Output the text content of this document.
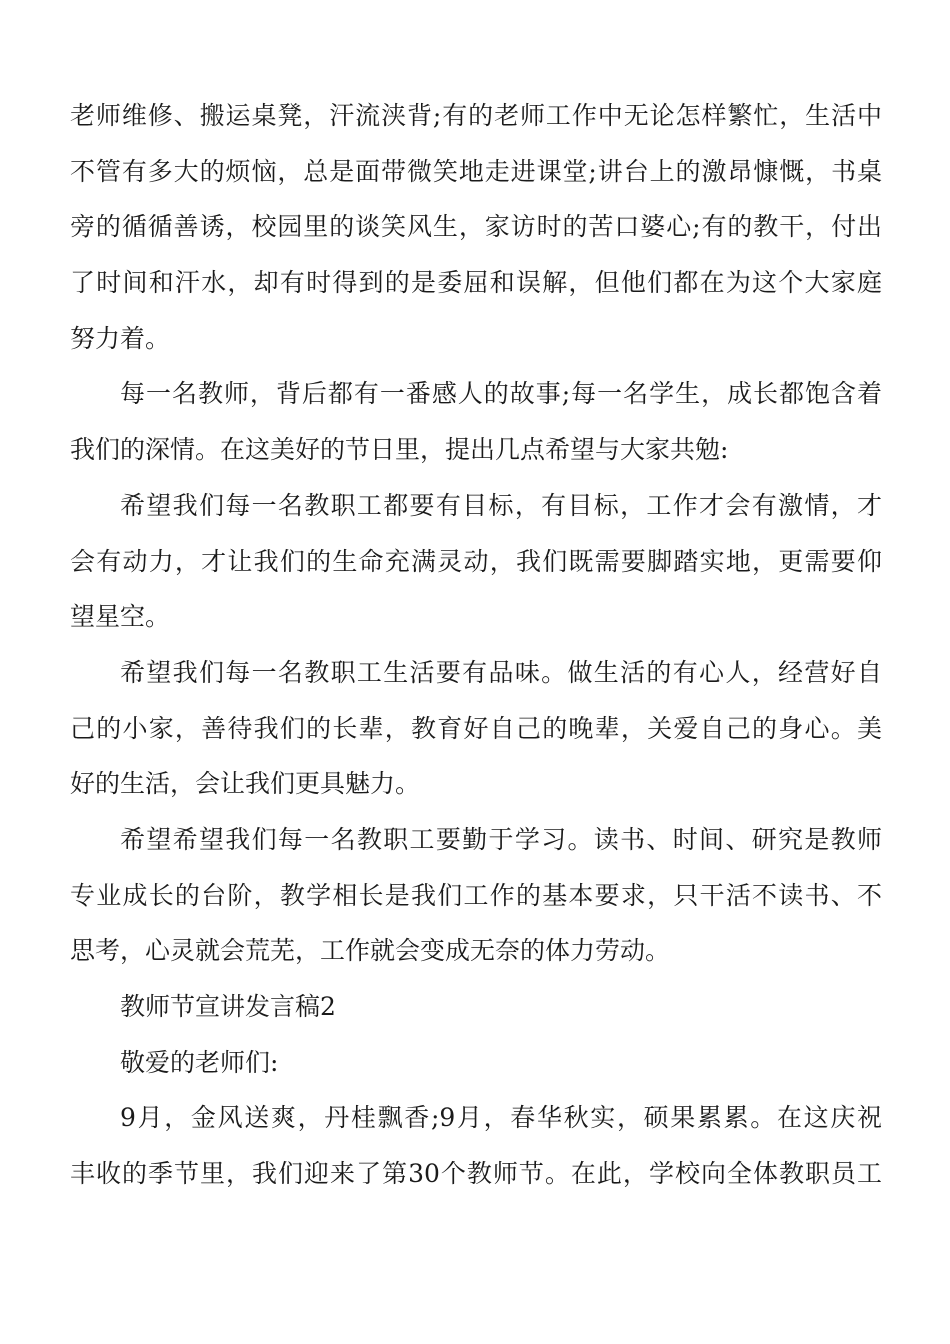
老师维修、搬运桌凳，汗流浃背;有的老师工作中无论怎样繁忙，生活中
不管有多大的烦恼，总是面带微笑地走进课堂;讲台上的激昂慷慨，书桌
旁的循循善诱，校园里的谈笑风生，家访时的苦口婆心;有的教干，付出
了时间和汗水，却有时得到的是委屈和误解，但他们都在为这个大家庭
努力着。
每一名教师，背后都有一番感人的故事;每一名学生，成长都饱含着
我们的深情。在这美好的节日里，提出几点希望与大家共勉:
希望我们每一名教职工都要有目标，有目标，工作才会有激情，才
会有动力，才让我们的生命充满灵动，我们既需要脚踏实地，更需要仰
望星空。
希望我们每一名教职工生活要有品味。做生活的有心人，经营好自
己的小家，善待我们的长辈，教育好自己的晚辈，关爱自己的身心。美
好的生活，会让我们更具魅力。
希望希望我们每一名教职工要勤于学习。读书、时间、研究是教师
专业成长的台阶，教学相长是我们工作的基本要求，只干活不读书、不
思考，心灵就会荒芜，工作就会变成无奈的体力劳动。
教师节宣讲发言稿2
敬爱的老师们:
9月，金风送爽，丹桂飘香;9月，春华秋实，硕果累累。在这庆祝
丰收的季节里，我们迎来了第30个教师节。在此，学校向全体教职员工
